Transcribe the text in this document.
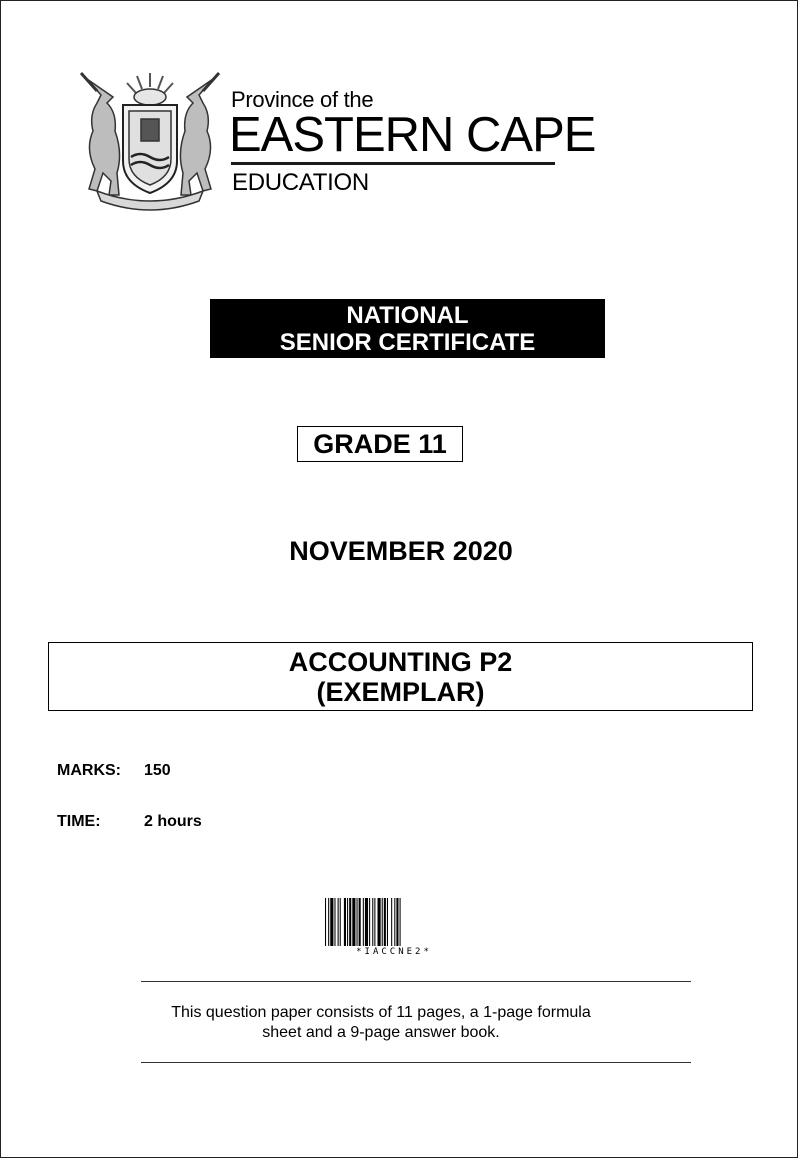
Province of the
EASTERN CAPE
EDUCATION
NATIONAL
SENIOR CERTIFICATE
GRADE 11
NOVEMBER 2020
ACCOUNTING P2
(EXEMPLAR)
MARKS: 150
TIME:	2 hours
*IACCNE2*
This question paper consists of 11 pages, a 1-page formula
sheet and a 9-page answer book.
